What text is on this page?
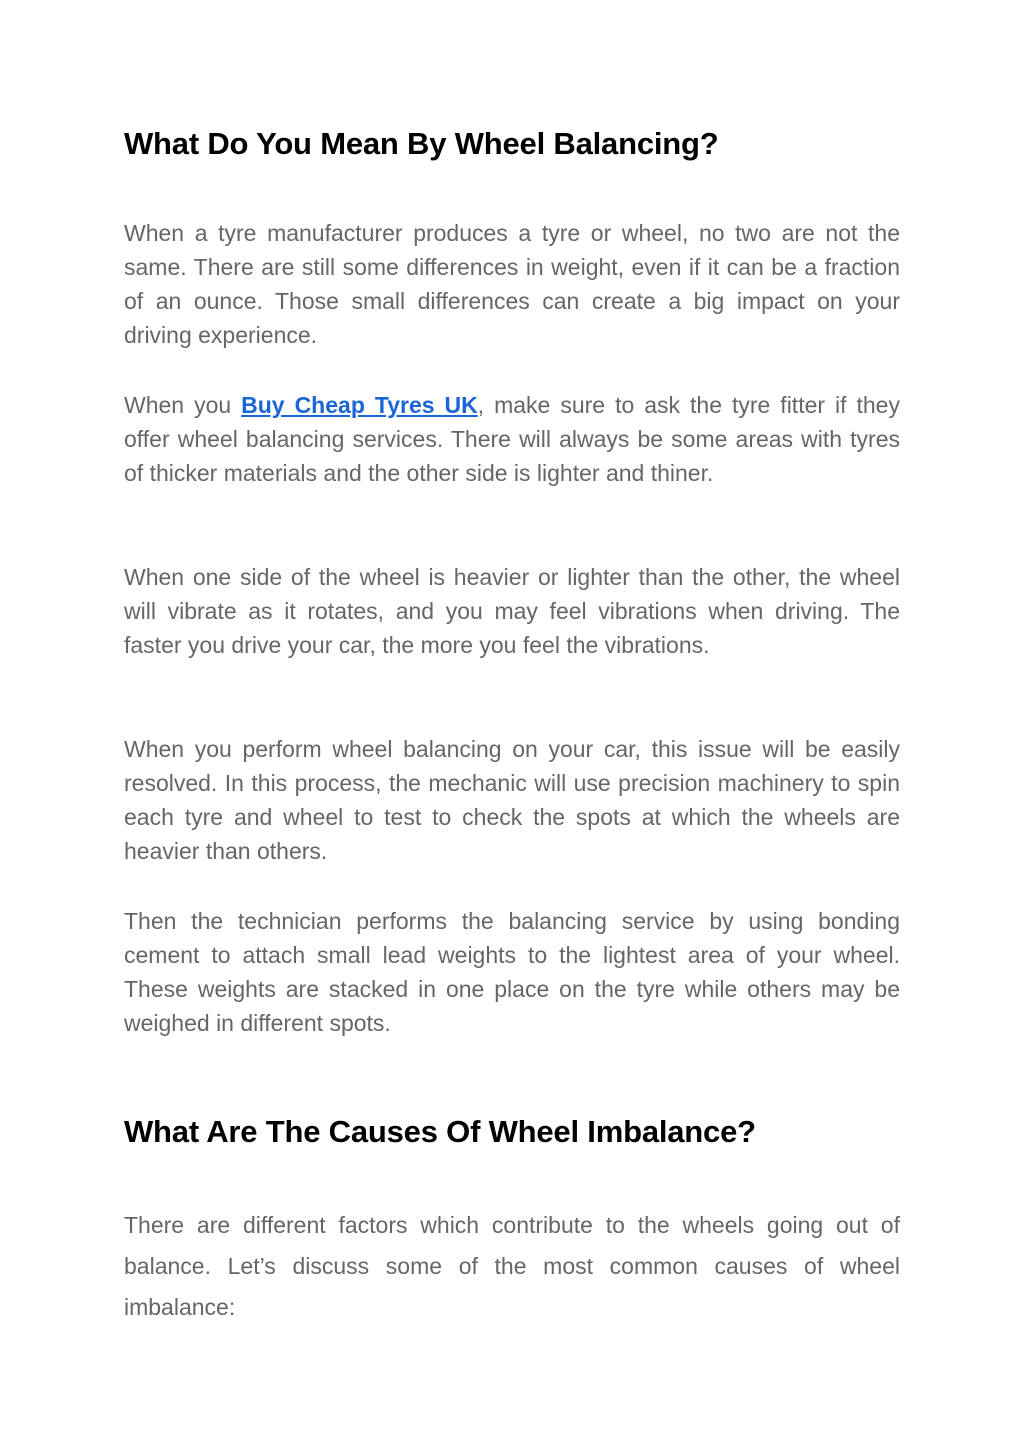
What Do You Mean By Wheel Balancing?

When a tyre manufacturer produces a tyre or wheel, no two are not the same. There are still some differences in weight, even if it can be a fraction of an ounce. Those small differences can create a big impact on your driving experience.

When you Buy Cheap Tyres UK, make sure to ask the tyre fitter if they offer wheel balancing services. There will always be some areas with tyres of thicker materials and the other side is lighter and thiner.

When one side of the wheel is heavier or lighter than the other, the wheel will vibrate as it rotates, and you may feel vibrations when driving. The faster you drive your car, the more you feel the vibrations.

When you perform wheel balancing on your car, this issue will be easily resolved. In this process, the mechanic will use precision machinery to spin each tyre and wheel to test to check the spots at which the wheels are heavier than others.

Then the technician performs the balancing service by using bonding cement to attach small lead weights to the lightest area of your wheel. These weights are stacked in one place on the tyre while others may be weighed in different spots.

What Are The Causes Of Wheel Imbalance?

There are different factors which contribute to the wheels going out of balance. Let’s discuss some of the most common causes of wheel imbalance:
